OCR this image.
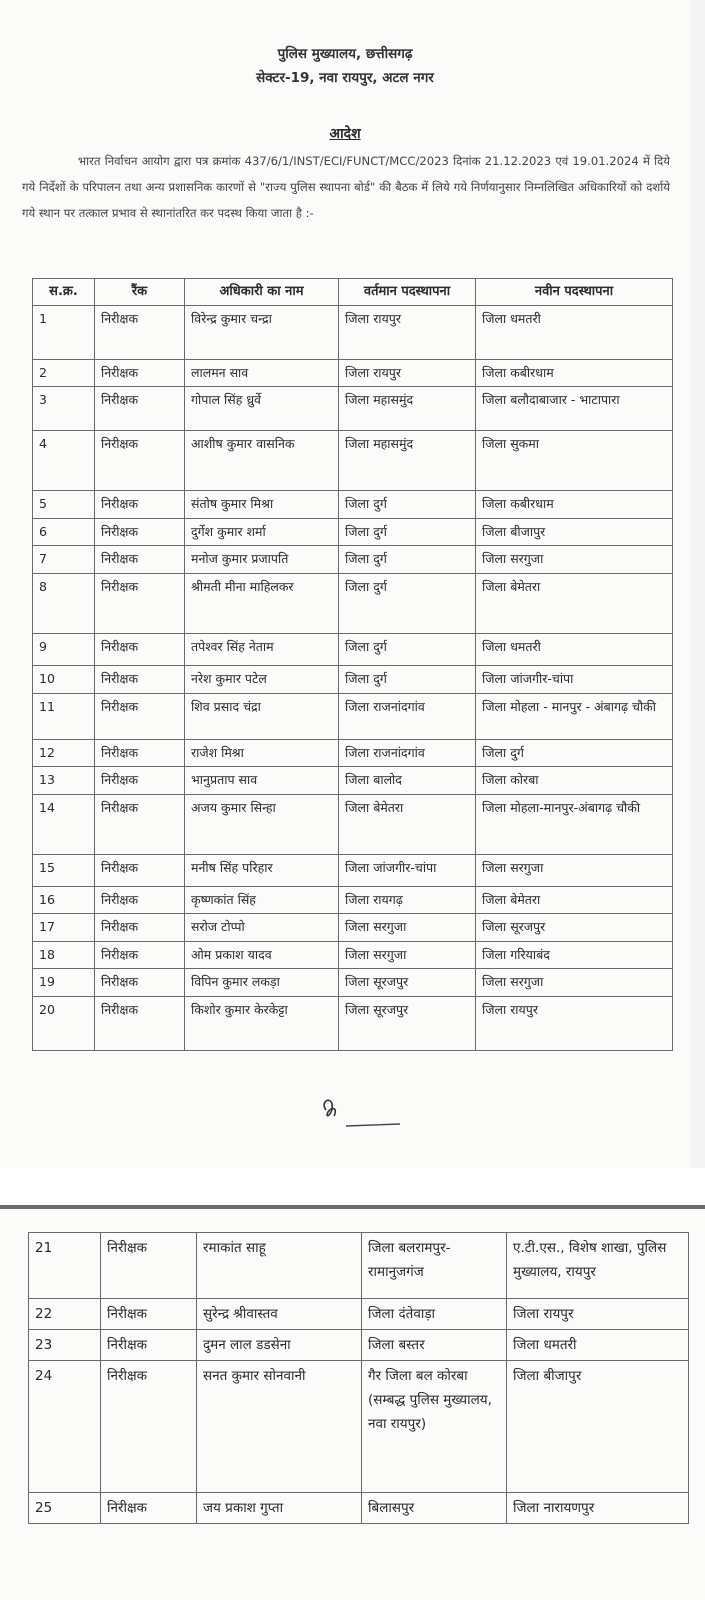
पुलिस मुख्यालय, छत्तीसगढ़
सेक्टर-19, नवा रायपुर, अटल नगर
आदेश
भारत निर्वाचन आयोग द्वारा पत्र क्रमांक 437/6/1/INST/ECI/FUNCT/MCC/2023 दिनांक 21.12.2023 एवं 19.01.2024 में दिये गये निर्देशों के परिपालन तथा अन्य प्रशासनिक कारणों से "राज्य पुलिस स्थापना बोर्ड" की बैठक में लिये गये निर्णयानुसार निम्नलिखित अधिकारियों को दर्शाये गये स्थान पर तत्काल प्रभाव से स्थानांतरित कर पदस्थ किया जाता है :-
स.क्र.	रैंक	अधिकारी का नाम	वर्तमान पदस्थापना	नवीन पदस्थापना
1	निरीक्षक	विरेन्द्र कुमार चन्द्रा	जिला रायपुर	जिला धमतरी
2	निरीक्षक	लालमन साव	जिला रायपुर	जिला कबीरधाम
3	निरीक्षक	गोपाल सिंह ध्रुर्वे	जिला महासमुंद	जिला बलौदाबाजार - भाटापारा
4	निरीक्षक	आशीष कुमार वासनिक	जिला महासमुंद	जिला सुकमा
5	निरीक्षक	संतोष कुमार मिश्रा	जिला दुर्ग	जिला कबीरधाम
6	निरीक्षक	दुर्गेश कुमार शर्मा	जिला दुर्ग	जिला बीजापुर
7	निरीक्षक	मनोज कुमार प्रजापति	जिला दुर्ग	जिला सरगुजा
8	निरीक्षक	श्रीमती मीना माहिलकर	जिला दुर्ग	जिला बेमेतरा
9	निरीक्षक	तपेश्वर सिंह नेताम	जिला दुर्ग	जिला धमतरी
10	निरीक्षक	नरेश कुमार पटेल	जिला दुर्ग	जिला जांजगीर-चांपा
11	निरीक्षक	शिव प्रसाद चंद्रा	जिला राजनांदगांव	जिला मोहला - मानपुर - अंबागढ़ चौकी
12	निरीक्षक	राजेश मिश्रा	जिला राजनांदगांव	जिला दुर्ग
13	निरीक्षक	भानुप्रताप साव	जिला बालोद	जिला कोरबा
14	निरीक्षक	अजय कुमार सिन्हा	जिला बेमेतरा	जिला मोहला-मानपुर-अंबागढ़ चौकी
15	निरीक्षक	मनीष सिंह परिहार	जिला जांजगीर-चांपा	जिला सरगुजा
16	निरीक्षक	कृष्णकांत सिंह	जिला रायगढ़	जिला बेमेतरा
17	निरीक्षक	सरोज टोप्पो	जिला सरगुजा	जिला सूरजपुर
18	निरीक्षक	ओम प्रकाश यादव	जिला सरगुजा	जिला गरियाबंद
19	निरीक्षक	विपिन कुमार लकड़ा	जिला सूरजपुर	जिला सरगुजा
20	निरीक्षक	किशोर कुमार केरकेट्टा	जिला सूरजपुर	जिला रायपुर
21	निरीक्षक	रमाकांत साहू	जिला बलरामपुर-रामानुजगंज	ए.टी.एस., विशेष शाखा, पुलिस मुख्यालय, रायपुर
22	निरीक्षक	सुरेन्द्र श्रीवास्तव	जिला दंतेवाड़ा	जिला रायपुर
23	निरीक्षक	दुमन लाल डडसेना	जिला बस्तर	जिला धमतरी
24	निरीक्षक	सनत कुमार सोनवानी	गैर जिला बल कोरबा (सम्बद्ध पुलिस मुख्यालय, नवा रायपुर)	जिला बीजापुर
25	निरीक्षक	जय प्रकाश गुप्ता	बिलासपुर	जिला नारायणपुर
